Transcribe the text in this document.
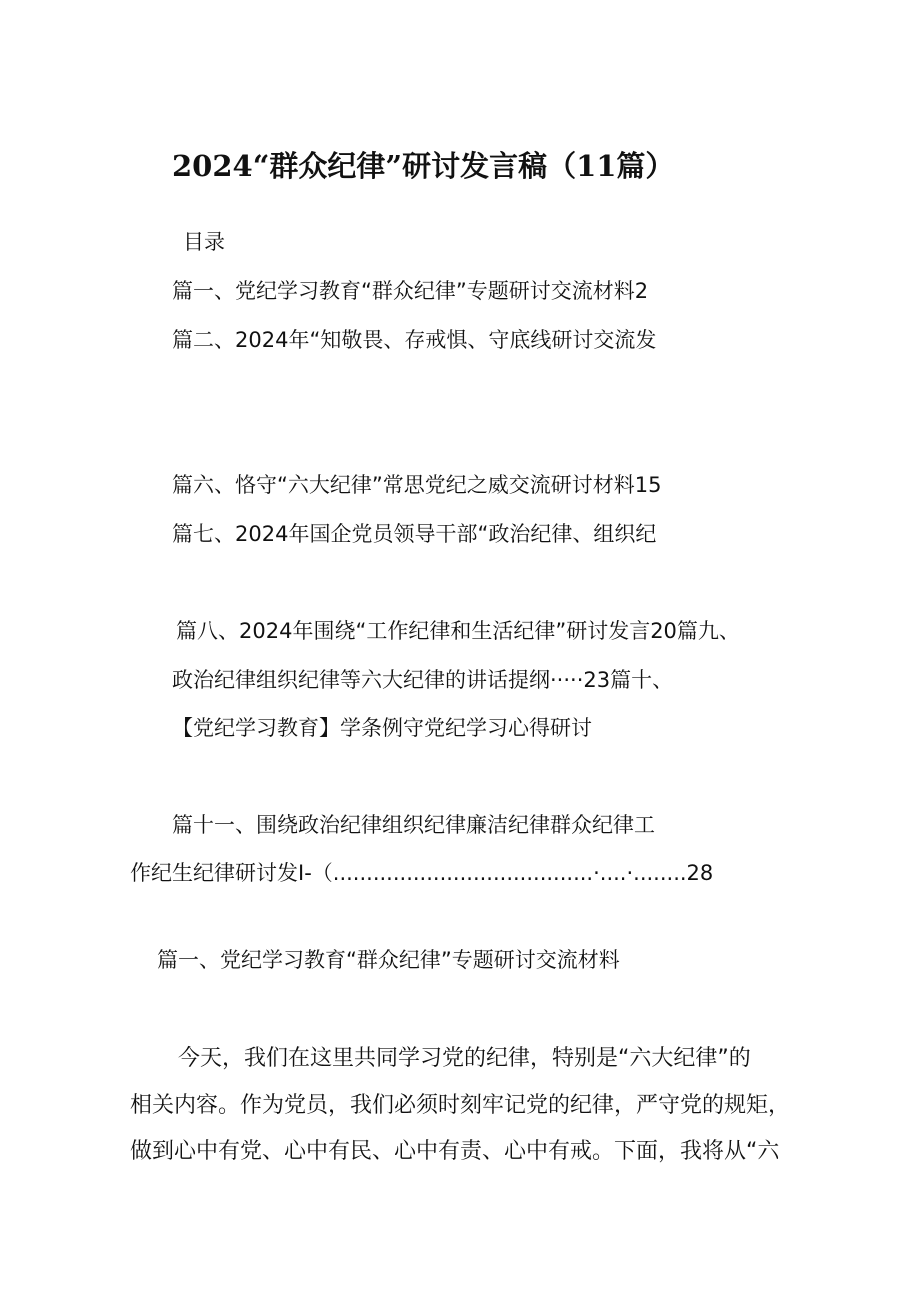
2024“群众纪律”研讨发言稿（11篇）
目录
篇一、党纪学习教育“群众纪律”专题研讨交流材料2
篇二、2024年“知敬畏、存戒惧、守底线研讨交流发
篇六、恪守“六大纪律”常思党纪之威交流研讨材料15
篇七、2024年国企党员领导干部“政治纪律、组织纪
篇八、2024年围绕“工作纪律和生活纪律”研讨发言20篇九、
政治纪律组织纪律等六大纪律的讲话提纲·····23篇十、
【党纪学习教育】学条例守党纪学习心得研讨
篇十一、围绕政治纪律组织纪律廉洁纪律群众纪律工
作纪生纪律研讨发I-（.......................................·....·........28
篇一、党纪学习教育“群众纪律”专题研讨交流材料
今天，我们在这里共同学习党的纪律，特别是“六大纪律”的
相关内容。作为党员，我们必须时刻牢记党的纪律，严守党的规矩，
做到心中有党、心中有民、心中有责、心中有戒。下面，我将从“六
